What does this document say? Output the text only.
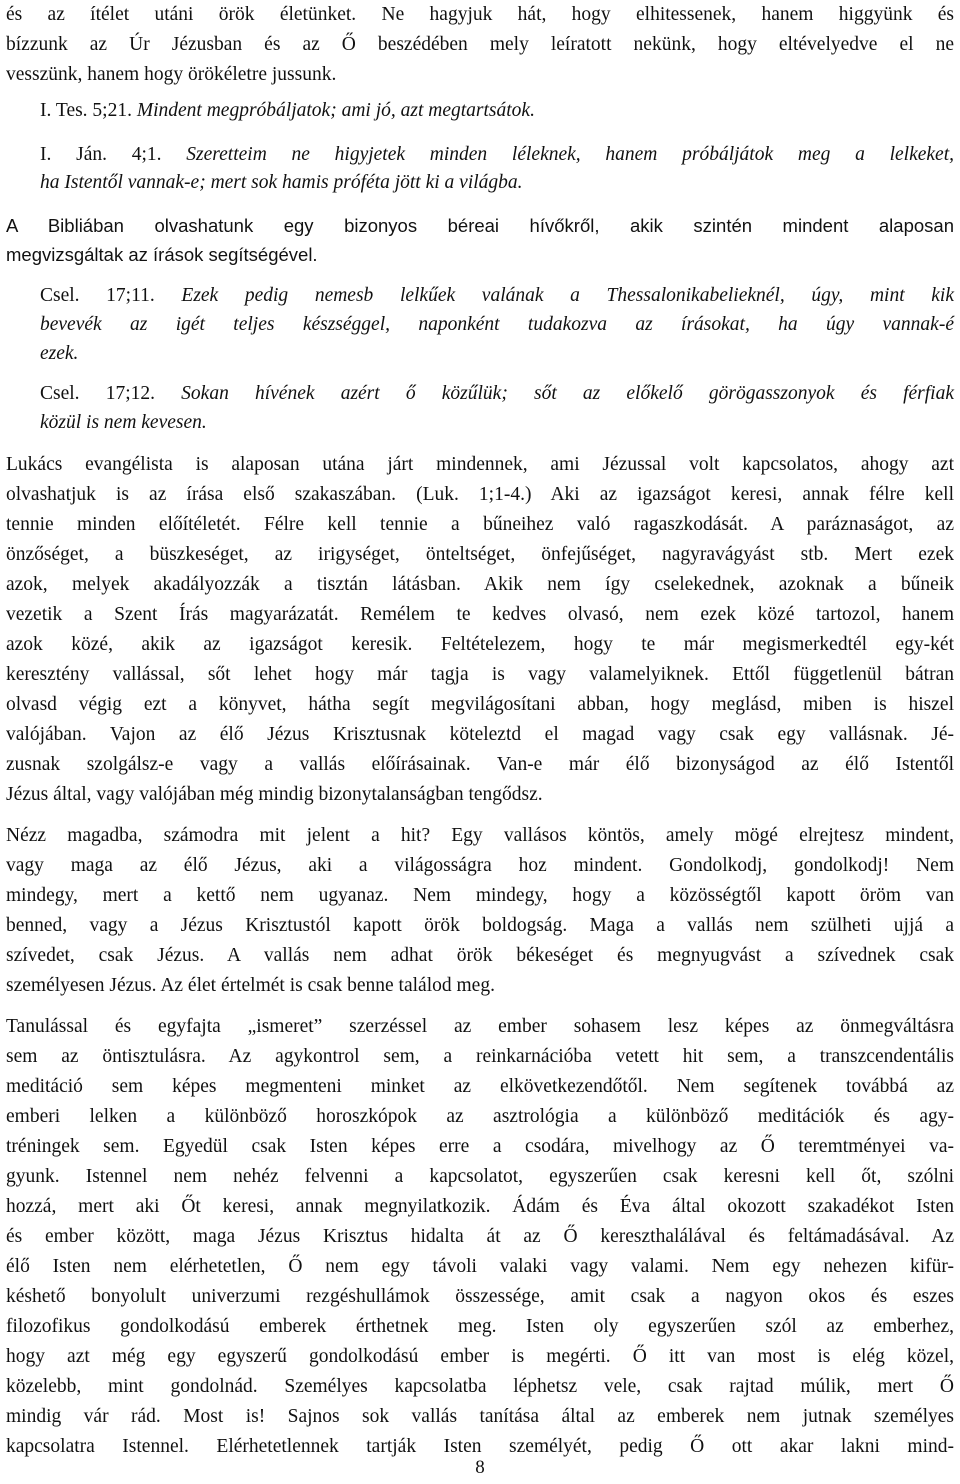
és az ítélet utáni örök életünket. Ne hagyjuk hát, hogy elhitessenek, hanem higgyünk és
bízzunk az Úr Jézusban és az Ő beszédében mely leíratott nekünk, hogy eltévelyedve el ne
vesszünk, hanem hogy örökéletre jussunk.
I. Tes. 5;21. Mindent megpróbáljatok; ami jó, azt megtartsátok.
I. Ján. 4;1. Szeretteim ne higyjetek minden léleknek, hanem próbáljátok meg a lelkeket,
ha Istentől vannak-e; mert sok hamis próféta jött ki a világba.
A Bibliában olvashatunk egy bizonyos béreai hívőkről, akik szintén mindent alaposan
megvizsgáltak az írások segítségével.
Csel. 17;11. Ezek pedig nemesb lelkűek valának a Thessalonikabelieknél, úgy, mint kik
bevevék az igét teljes készséggel, naponként tudakozva az írásokat, ha úgy vannak-é
ezek.
Csel. 17;12. Sokan hívének azért ő közűlük; sőt az előkelő görögasszonyok és férfiak
közül is nem kevesen.
Lukács evangélista is alaposan utána járt mindennek, ami Jézussal volt kapcsolatos, ahogy azt
olvashatjuk is az írása első szakaszában. (Luk. 1;1-4.) Aki az igazságot keresi, annak félre kell
tennie minden előítéletét. Félre kell tennie a bűneihez való ragaszkodását. A paráznaságot, az
önzőséget, a büszkeséget, az irigységet, önteltséget, önfejűséget, nagyravágyást stb. Mert ezek
azok, melyek akadályozzák a tisztán látásban. Akik nem így cselekednek, azoknak a bűneik
vezetik a Szent Írás magyarázatát. Remélem te kedves olvasó, nem ezek közé tartozol, hanem
azok közé, akik az igazságot keresik. Feltételezem, hogy te már megismerkedtél egy-két
keresztény vallással, sőt lehet hogy már tagja is vagy valamelyiknek. Ettől függetlenül bátran
olvasd végig ezt a könyvet, hátha segít megvilágosítani abban, hogy meglásd, miben is hiszel
valójában. Vajon az élő Jézus Krisztusnak köteleztd el magad vagy csak egy vallásnak. Jé-
zusnak szolgálsz-e vagy a vallás előírásainak. Van-e már élő bizonyságod az élő Istentől
Jézus által, vagy valójában még mindig bizonytalanságban tengődsz.
Nézz magadba, számodra mit jelent a hit? Egy vallásos köntös, amely mögé elrejtesz mindent,
vagy maga az élő Jézus, aki a világosságra hoz mindent. Gondolkodj, gondolkodj! Nem
mindegy, mert a kettő nem ugyanaz. Nem mindegy, hogy a közösségtől kapott öröm van
benned, vagy a Jézus Krisztustól kapott örök boldogság. Maga a vallás nem szülheti ujjá a
szívedet, csak Jézus. A vallás nem adhat örök békeséget és megnyugvást a szívednek csak
személyesen Jézus. Az élet értelmét is csak benne találod meg.
Tanulással és egyfajta „ismeret” szerzéssel az ember sohasem lesz képes az önmegváltásra
sem az öntisztulásra. Az agykontrol sem, a reinkarnációba vetett hit sem, a transzcendentális
meditáció sem képes megmenteni minket az elkövetkezendőtől. Nem segítenek továbbá az
emberi lelken a különböző horoszkópok az asztrológia a különböző meditációk és agy-
tréningek sem. Egyedül csak Isten képes erre a csodára, mivelhogy az Ő teremtményei va-
gyunk. Istennel nem nehéz felvenni a kapcsolatot, egyszerűen csak keresni kell őt, szólni
hozzá, mert aki Őt keresi, annak megnyilatkozik. Ádám és Éva által okozott szakadékot Isten
és ember között, maga Jézus Krisztus hidalta át az Ő kereszthalálával és feltámadásával. Az
élő Isten nem elérhetetlen, Ő nem egy távoli valaki vagy valami. Nem egy nehezen kifür-
késhető bonyolult univerzumi rezgéshullámok összessége, amit csak a nagyon okos és eszes
filozofikus gondolkodású emberek érthetnek meg. Isten oly egyszerűen szól az emberhez,
hogy azt még egy egyszerű gondolkodású ember is megérti. Ő itt van most is elég közel,
közelebb, mint gondolnád. Személyes kapcsolatba léphetsz vele, csak rajtad múlik, mert Ő
mindig vár rád. Most is! Sajnos sok vallás tanítása által az emberek nem jutnak személyes
kapcsolatra Istennel. Elérhetetlennek tartják Isten személyét, pedig Ő ott akar lakni mind-
8
